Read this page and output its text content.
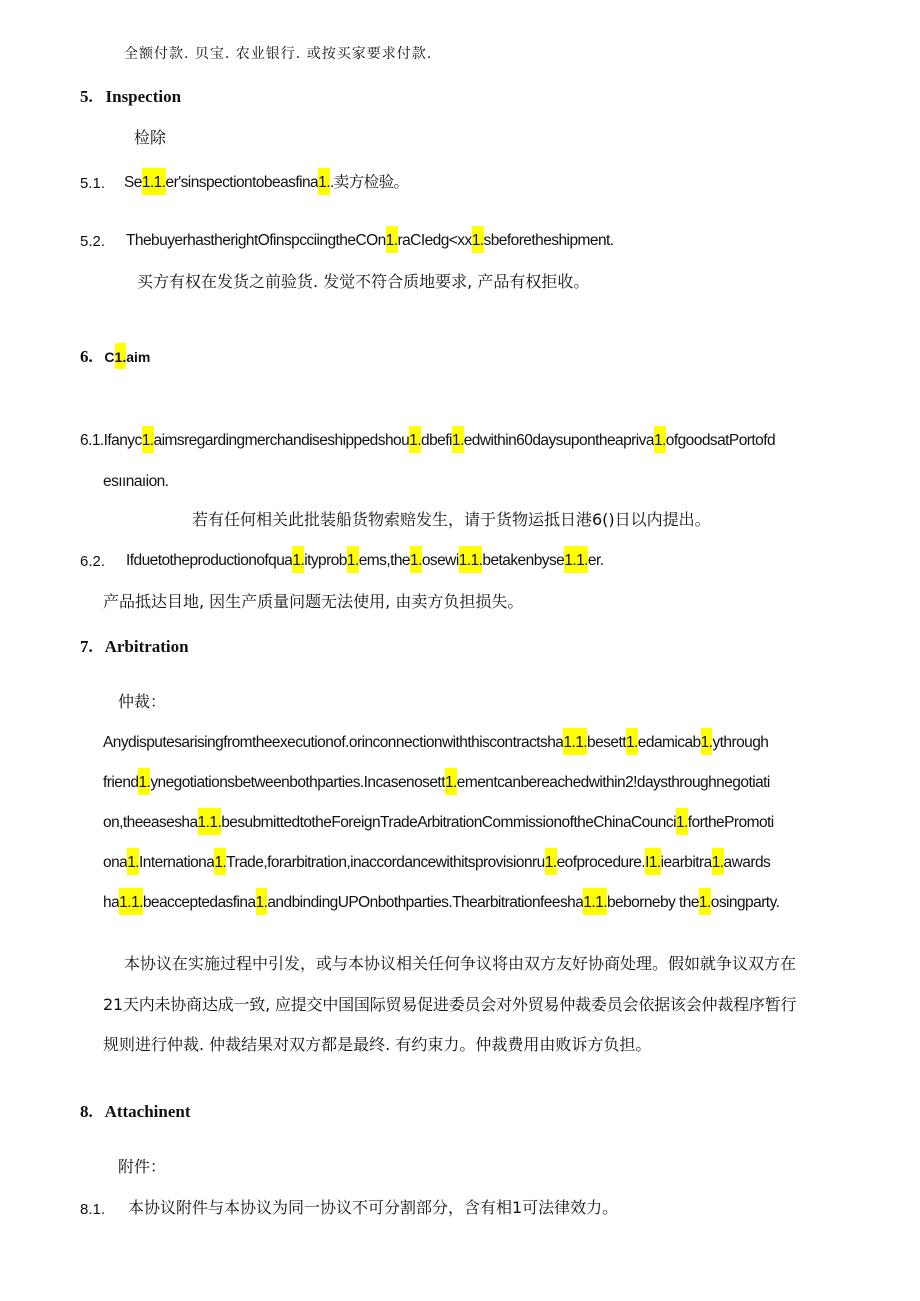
全额付款. 贝宝. 农业银行. 或按买家要求付款.
5. Inspection
检除
5.1. Se1.1.er'sinspectiontobeasfina1..卖方检验。
5.2. ThebuyerhastherightOfinspcciingtheCOn1.raCIedg<xx1.sbeforetheshipment.
买方有权在发货之前验货. 发觉不符合质地要求, 产品有权拒收。
6. C1.aim
6.1.Ifanyc1.aimsregardingmerchandiseshippedshou1.dbefi1.edwithin60daysupontheарriva1.ofgoodsatPortofd
esıınaıion.
若有任何相关此批装船货物索赔发生，请于货物运抵日港6()日以内提出。
6.2. Ifduetotheproductionofqua1.ityprob1.ems,the1.osewi1.1.betakenbyse1.1.er.
产品抵达目地, 因生产质量问题无法使用, 由卖方负担损失。
7. Arbitration
仲裁：
Anydisputesarisingfromtheexecutionof.orinconnectionwiththiscontractsha1.1.besett1.edamicab1.ythrough
friend1.ynegotiationsbetweenbothparties.Incasenosett1.ementcanbereachedwithin2!daysthroughnegotiati
on,theeasesha1.1.besubmittedtotheForeignTradeArbitrationCommissionoftheChinaCounci1.forthePromoti
ona1.Internationa1.Trade,forarbitration,inaccordancewithitsprovisionru1.eofprocedure.I1.iearbitra1.awards
ha1.1.beacceptedasfina1.andbindingUPOnbothparties.Thearbitrationfeesha1.1.beborneby the1.osingparty.
本协议在实施过程中引发，或与本协议相关任何争议将由双方友好协商处理。假如就争议双方在
21天内未协商达成一致, 应提交中国国际贸易促进委员会对外贸易仲裁委员会依据该会仲裁程序暂行
规则进行仲裁. 仲裁结果对双方都是最终. 有约束力。仲裁费用由败诉方负担。
8. Attachinent
附件：
8.1. 本协议附件与本协议为同一协议不可分割部分，含有相1可法律效力。
